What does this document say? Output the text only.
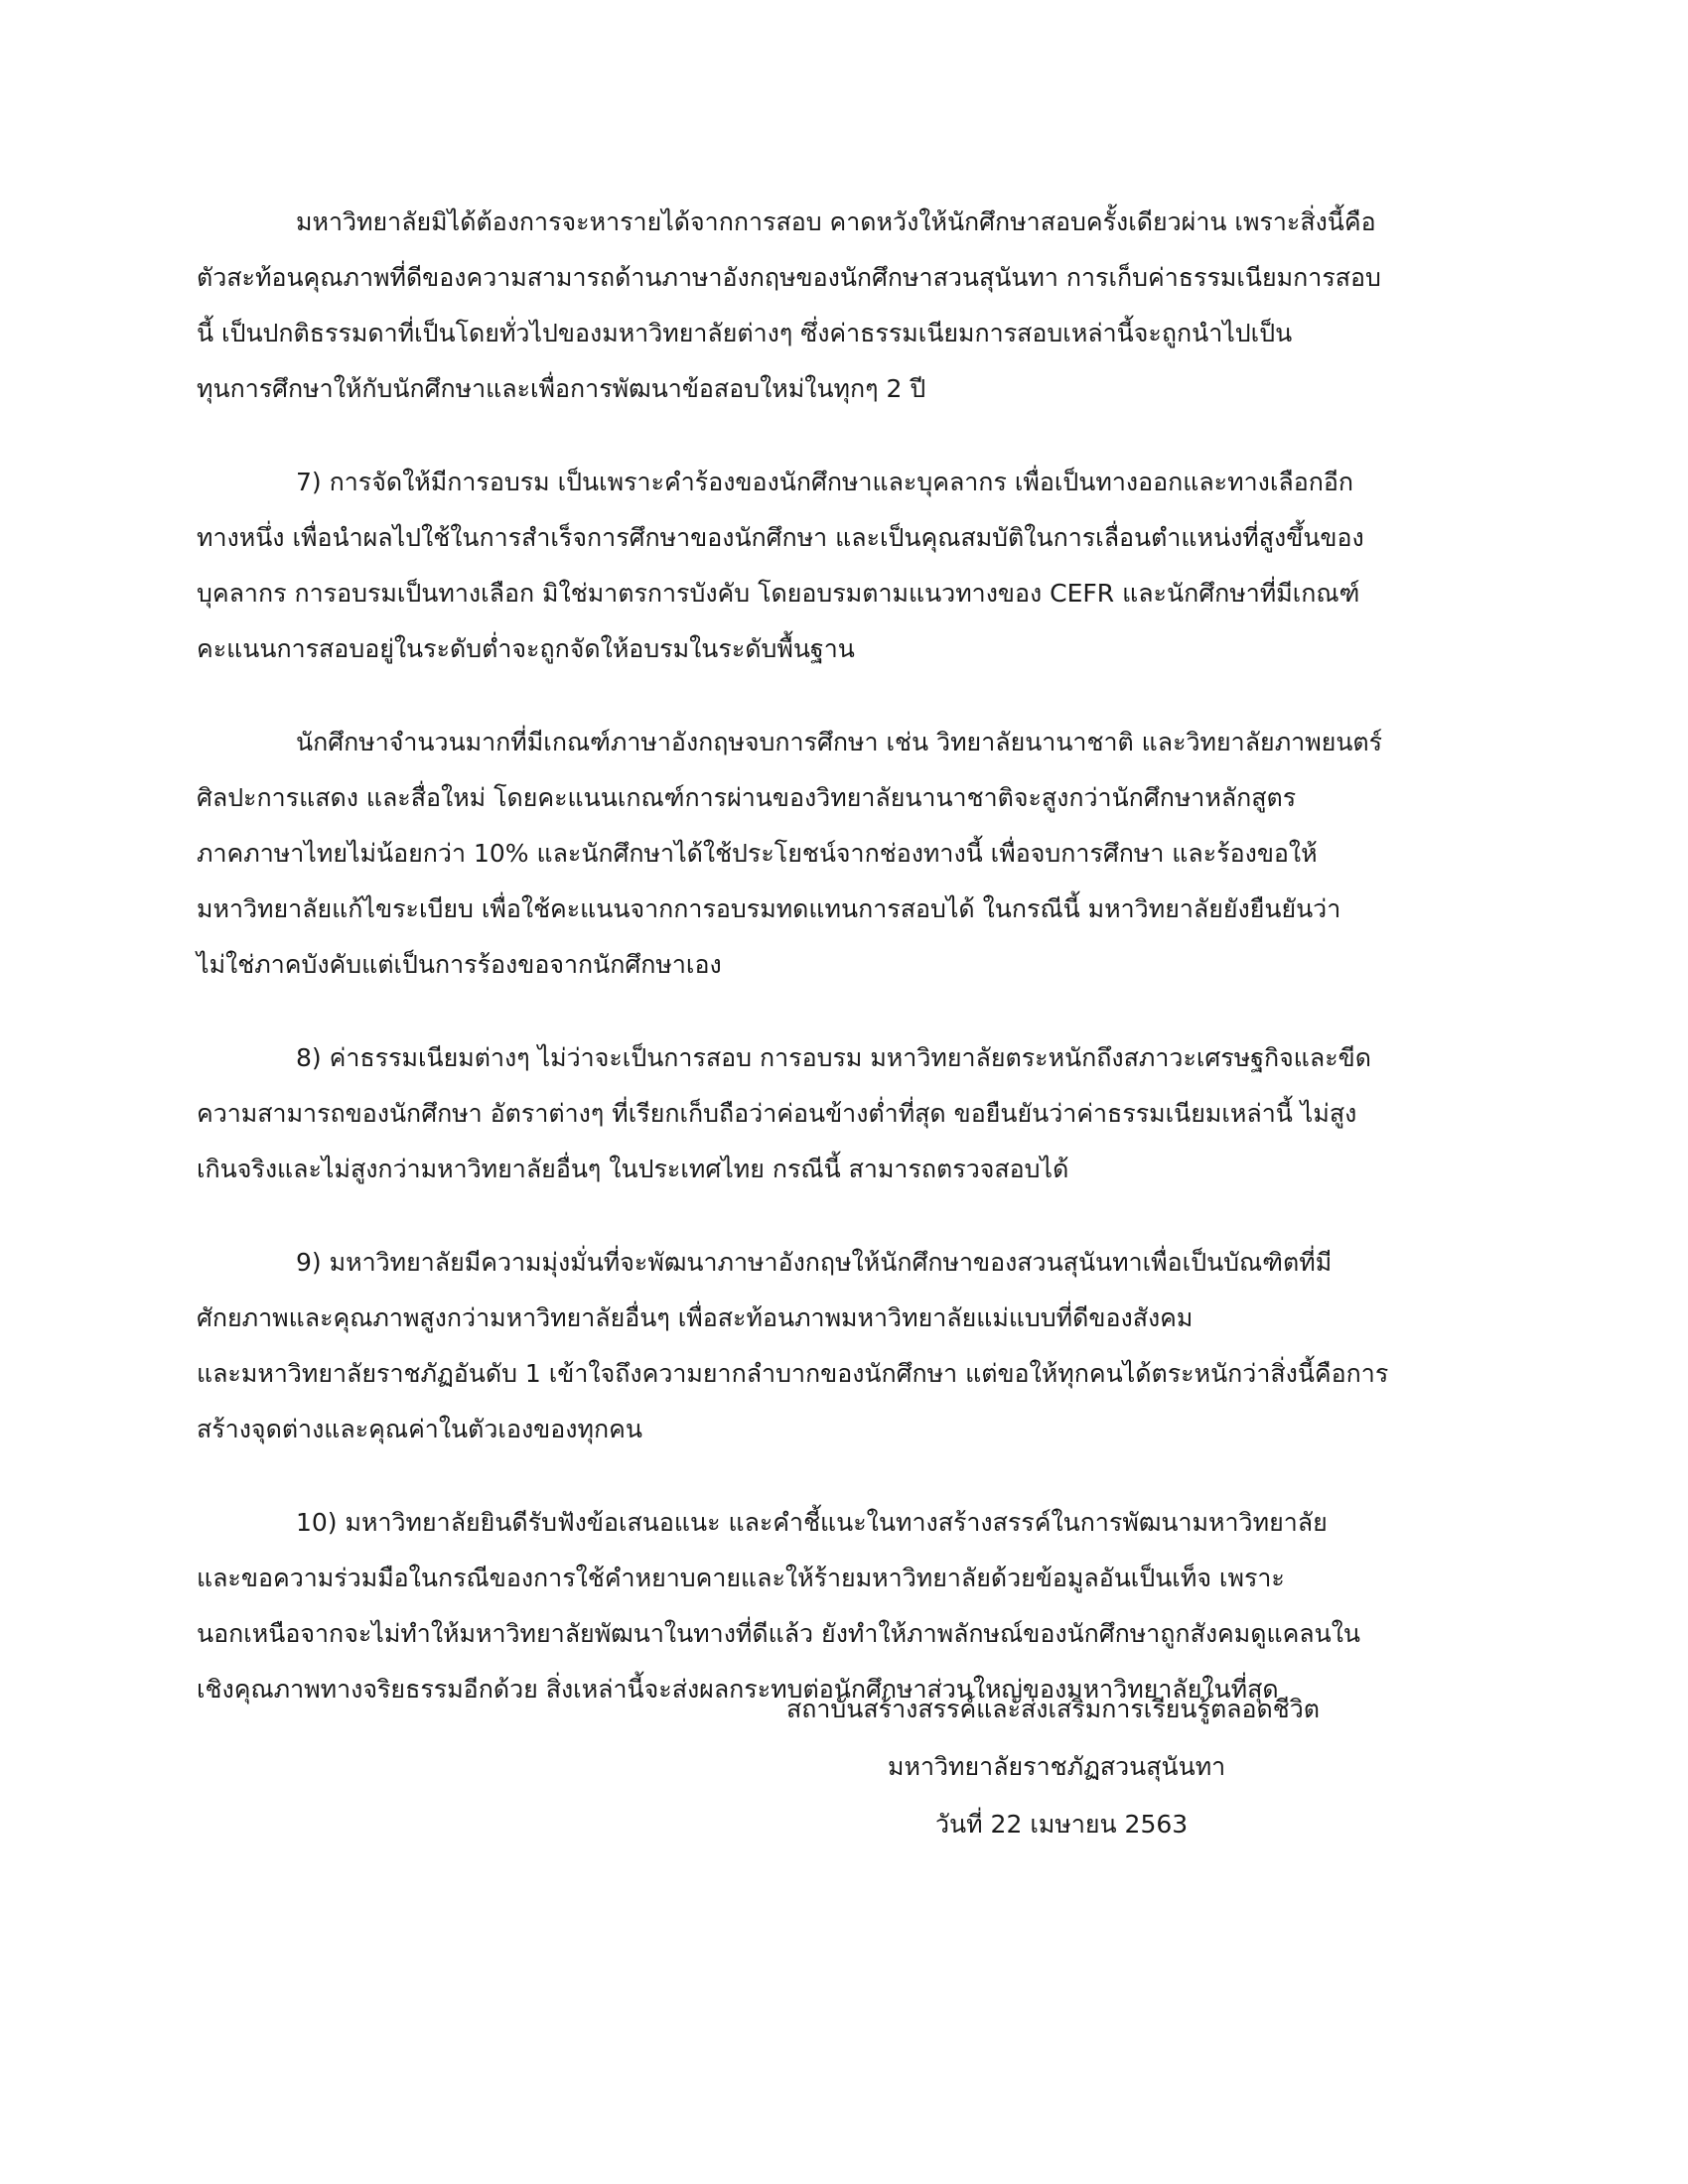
มหาวิทยาลัยมิได้ต้องการจะหารายได้จากการสอบ คาดหวังให้นักศึกษาสอบครั้งเดียวผ่าน เพราะสิ่งนี้คือ
ตัวสะท้อนคุณภาพที่ดีของความสามารถด้านภาษาอังกฤษของนักศึกษาสวนสุนันทา การเก็บค่าธรรมเนียมการสอบ
นี้ เป็นปกติธรรมดาที่เป็นโดยทั่วไปของมหาวิทยาลัยต่างๆ ซึ่งค่าธรรมเนียมการสอบเหล่านี้จะถูกนำไปเป็น
ทุนการศึกษาให้กับนักศึกษาและเพื่อการพัฒนาข้อสอบใหม่ในทุกๆ 2 ปี

7) การจัดให้มีการอบรม เป็นเพราะคำร้องของนักศึกษาและบุคลากร เพื่อเป็นทางออกและทางเลือกอีก
ทางหนึ่ง เพื่อนำผลไปใช้ในการสำเร็จการศึกษาของนักศึกษา และเป็นคุณสมบัติในการเลื่อนตำแหน่งที่สูงขึ้นของ
บุคลากร การอบรมเป็นทางเลือก มิใช่มาตรการบังคับ โดยอบรมตามแนวทางของ CEFR และนักศึกษาที่มีเกณฑ์
คะแนนการสอบอยู่ในระดับต่ำจะถูกจัดให้อบรมในระดับพื้นฐาน

นักศึกษาจำนวนมากที่มีเกณฑ์ภาษาอังกฤษจบการศึกษา เช่น วิทยาลัยนานาชาติ และวิทยาลัยภาพยนตร์
ศิลปะการแสดง และสื่อใหม่ โดยคะแนนเกณฑ์การผ่านของวิทยาลัยนานาชาติจะสูงกว่านักศึกษาหลักสูตร
ภาคภาษาไทยไม่น้อยกว่า 10% และนักศึกษาได้ใช้ประโยชน์จากช่องทางนี้ เพื่อจบการศึกษา และร้องขอให้
มหาวิทยาลัยแก้ไขระเบียบ เพื่อใช้คะแนนจากการอบรมทดแทนการสอบได้ ในกรณีนี้ มหาวิทยาลัยยังยืนยันว่า
ไม่ใช่ภาคบังคับแต่เป็นการร้องขอจากนักศึกษาเอง

8) ค่าธรรมเนียมต่างๆ ไม่ว่าจะเป็นการสอบ การอบรม มหาวิทยาลัยตระหนักถึงสภาวะเศรษฐกิจและขีด
ความสามารถของนักศึกษา อัตราต่างๆ ที่เรียกเก็บถือว่าค่อนข้างต่ำที่สุด ขอยืนยันว่าค่าธรรมเนียมเหล่านี้ ไม่สูง
เกินจริงและไม่สูงกว่ามหาวิทยาลัยอื่นๆ ในประเทศไทย กรณีนี้ สามารถตรวจสอบได้

9) มหาวิทยาลัยมีความมุ่งมั่นที่จะพัฒนาภาษาอังกฤษให้นักศึกษาของสวนสุนันทาเพื่อเป็นบัณฑิตที่มี
ศักยภาพและคุณภาพสูงกว่ามหาวิทยาลัยอื่นๆ เพื่อสะท้อนภาพมหาวิทยาลัยแม่แบบที่ดีของสังคม
และมหาวิทยาลัยราชภัฏอันดับ 1 เข้าใจถึงความยากลำบากของนักศึกษา แต่ขอให้ทุกคนได้ตระหนักว่าสิ่งนี้คือการ
สร้างจุดต่างและคุณค่าในตัวเองของทุกคน

10) มหาวิทยาลัยยินดีรับฟังข้อเสนอแนะ และคำชี้แนะในทางสร้างสรรค์ในการพัฒนามหาวิทยาลัย
และขอความร่วมมือในกรณีของการใช้คำหยาบคายและให้ร้ายมหาวิทยาลัยด้วยข้อมูลอันเป็นเท็จ เพราะ
นอกเหนือจากจะไม่ทำให้มหาวิทยาลัยพัฒนาในทางที่ดีแล้ว ยังทำให้ภาพลักษณ์ของนักศึกษาถูกสังคมดูแคลนใน
เชิงคุณภาพทางจริยธรรมอีกด้วย สิ่งเหล่านี้จะส่งผลกระทบต่อนักศึกษาส่วนใหญ่ของมหาวิทยาลัยในที่สุด

สถาบันสร้างสรรค์และส่งเสริมการเรียนรู้ตลอดชีวิต
มหาวิทยาลัยราชภัฏสวนสุนันทา
วันที่ 22 เมษายน 2563
